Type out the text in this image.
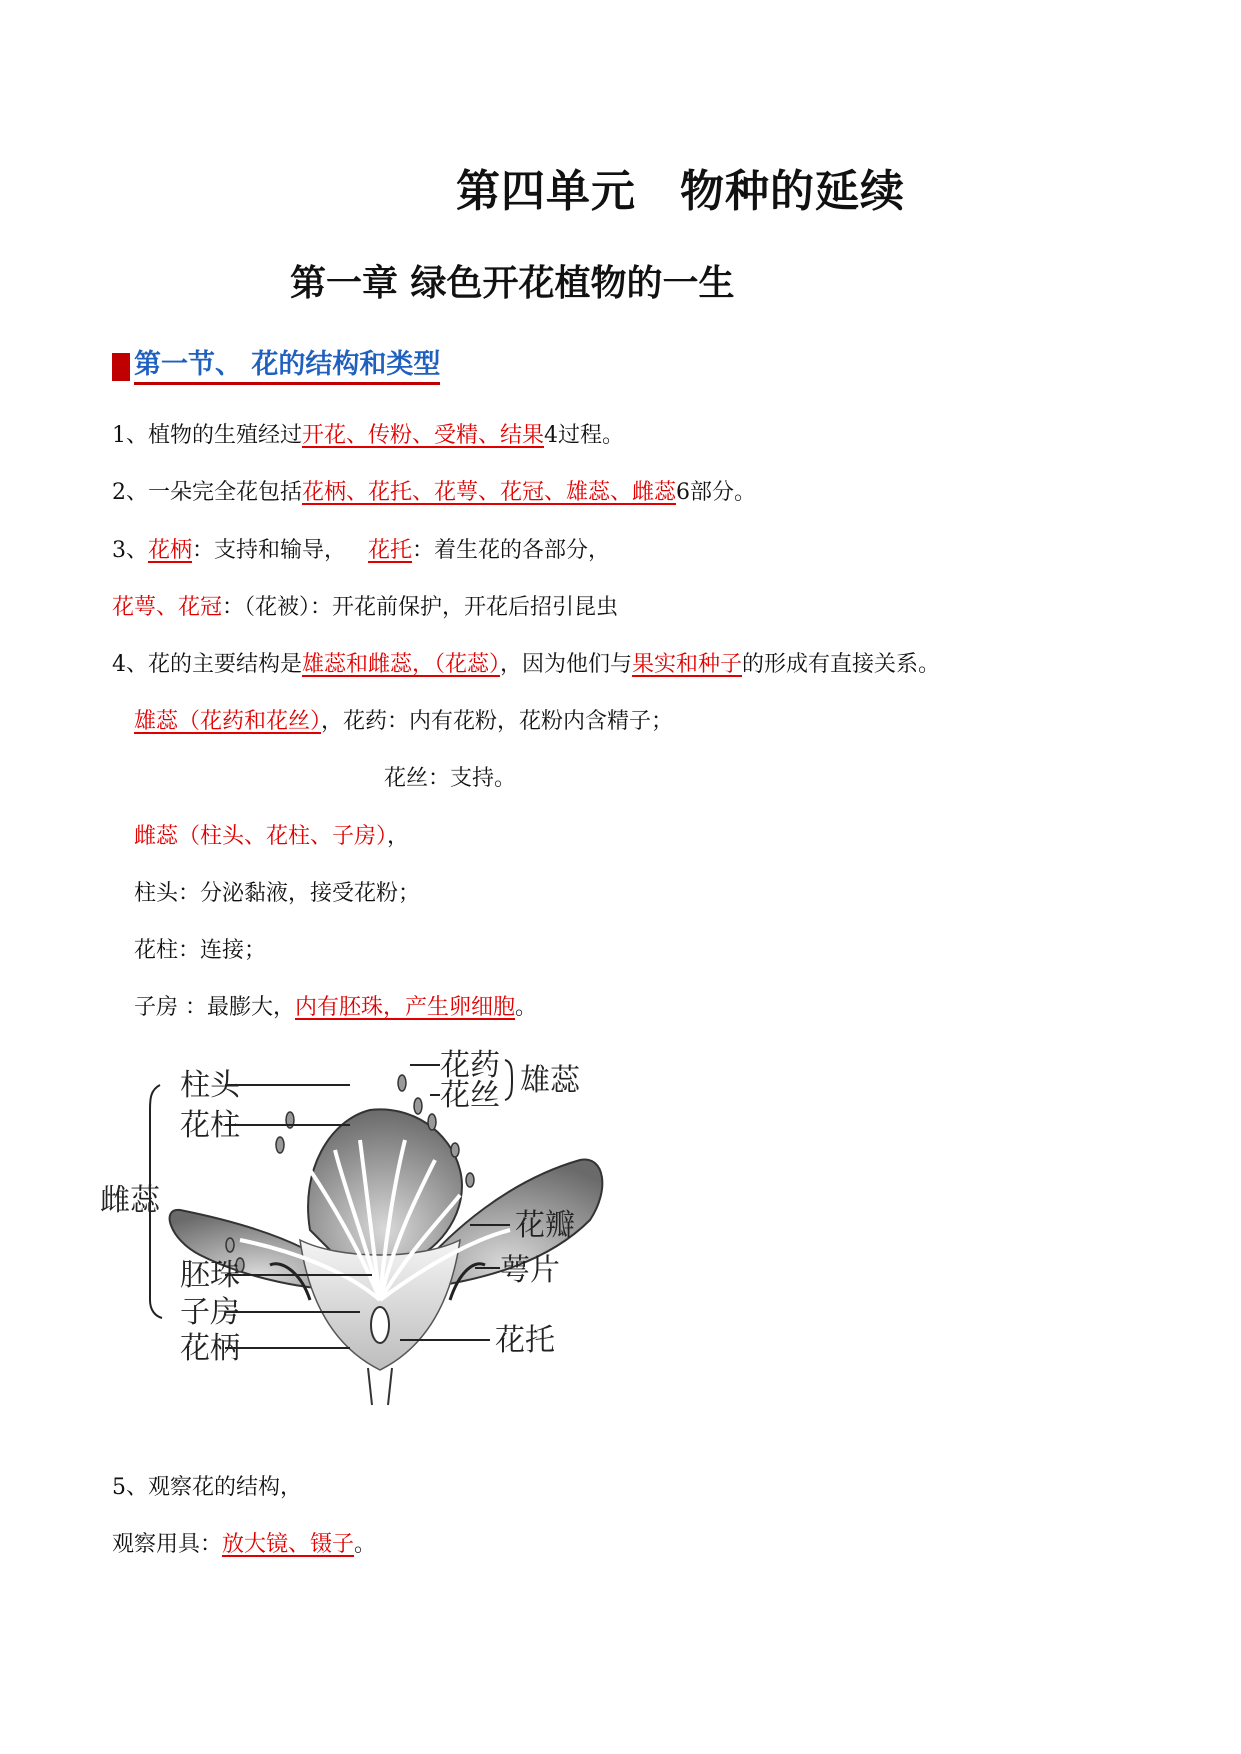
第四单元 物种的延续
第一章 绿色开花植物的一生
第一节、 花的结构和类型
1、植物的生殖经过开花、传粉、受精、结果4过程。
2、一朵完全花包括花柄、花托、花萼、花冠、雄蕊、雌蕊6部分。
3、花柄：支持和输导， 花托：着生花的各部分，
花萼、花冠：（花被）：开花前保护，开花后招引昆虫
4、花的主要结构是雄蕊和雌蕊，（花蕊），因为他们与果实和种子的形成有直接关系。
雄蕊（花药和花丝），花药：内有花粉，花粉内含精子；
花丝：支持。
雌蕊（柱头、花柱、子房），
柱头：分泌黏液，接受花粉；
花柱：连接；
子房 ：最膨大，内有胚珠，产生卵细胞。
花药
花丝 雄蕊
柱头
花柱
雌蕊
花瓣
萼片
胚珠
子房
花柄	花托
5、观察花的结构，
观察用具：放大镜、镊子。
